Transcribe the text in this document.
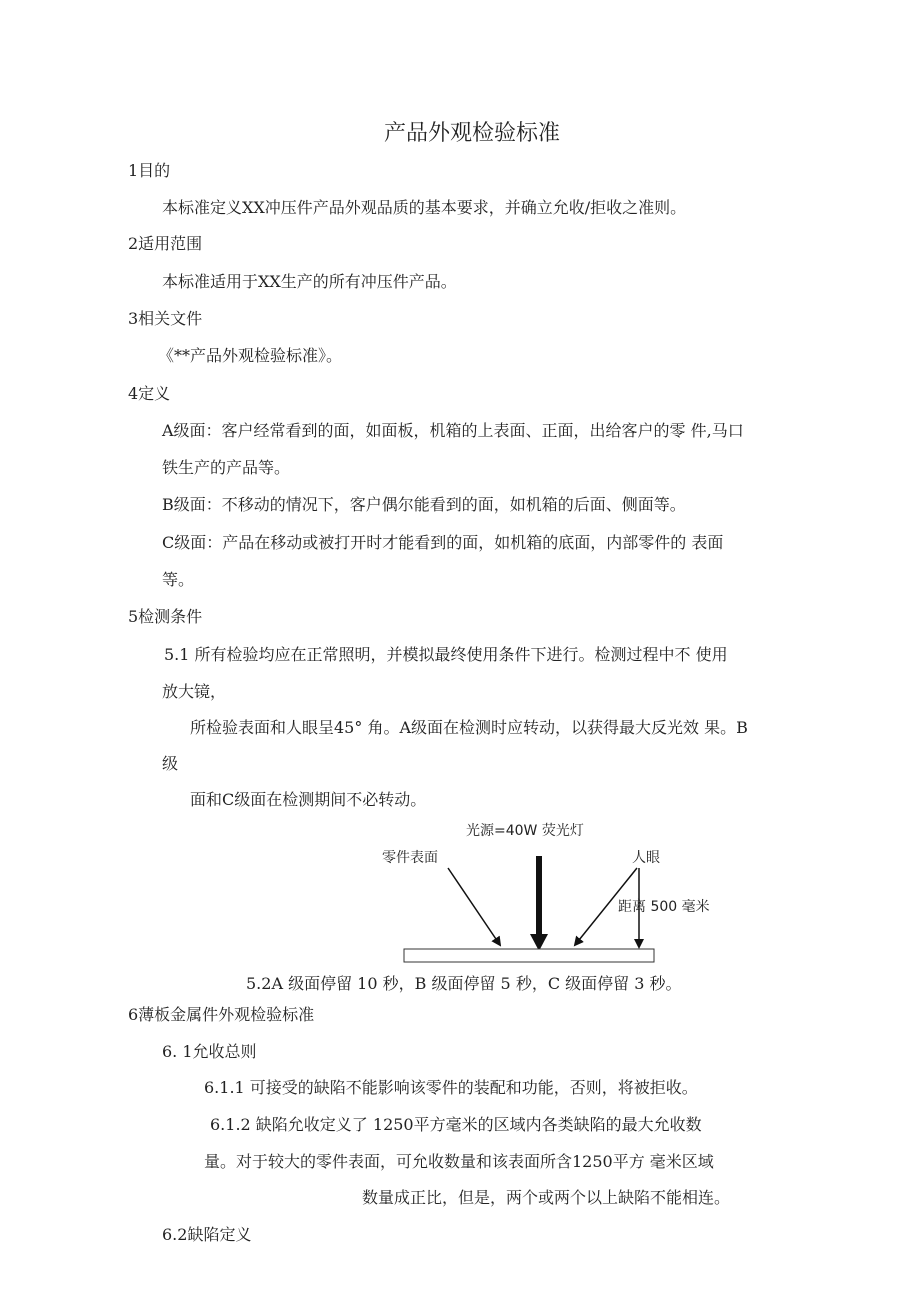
产品外观检验标准
1目的
本标准定义XX冲压件产品外观品质的基本要求，并确立允收/拒收之准则。
2适用范围
本标准适用于XX生产的所有冲压件产品。
3相关文件
《**产品外观检验标准》。
4定义
A级面：客户经常看到的面，如面板，机箱的上表面、正面，出给客户的零 件,马口
铁生产的产品等。
B级面：不移动的情况下，客户偶尔能看到的面，如机箱的后面、侧面等。
C级面：产品在移动或被打开时才能看到的面，如机箱的底面，内部零件的 表面
等。
5检测条件
5.1 所有检验均应在正常照明，并模拟最终使用条件下进行。检测过程中不 使用
放大镜，
所检验表面和人眼呈45° 角。A级面在检测时应转动，以获得最大反光效 果。B
级
面和C级面在检测期间不必转动。
光源=40W 荧光灯
零件表面	人眼
距离 500 毫米
5.2A 级面停留 10 秒，B 级面停留 5 秒，C 级面停留 3 秒。
6薄板金属件外观检验标准
6. 1允收总则
6.1.1 可接受的缺陷不能影响该零件的装配和功能，否则，将被拒收。
6.1.2 缺陷允收定义了 1250平方毫米的区域内各类缺陷的最大允收数
量。对于较大的零件表面，可允收数量和该表面所含1250平方 毫米区域
数量成正比，但是，两个或两个以上缺陷不能相连。
6.2缺陷定义
